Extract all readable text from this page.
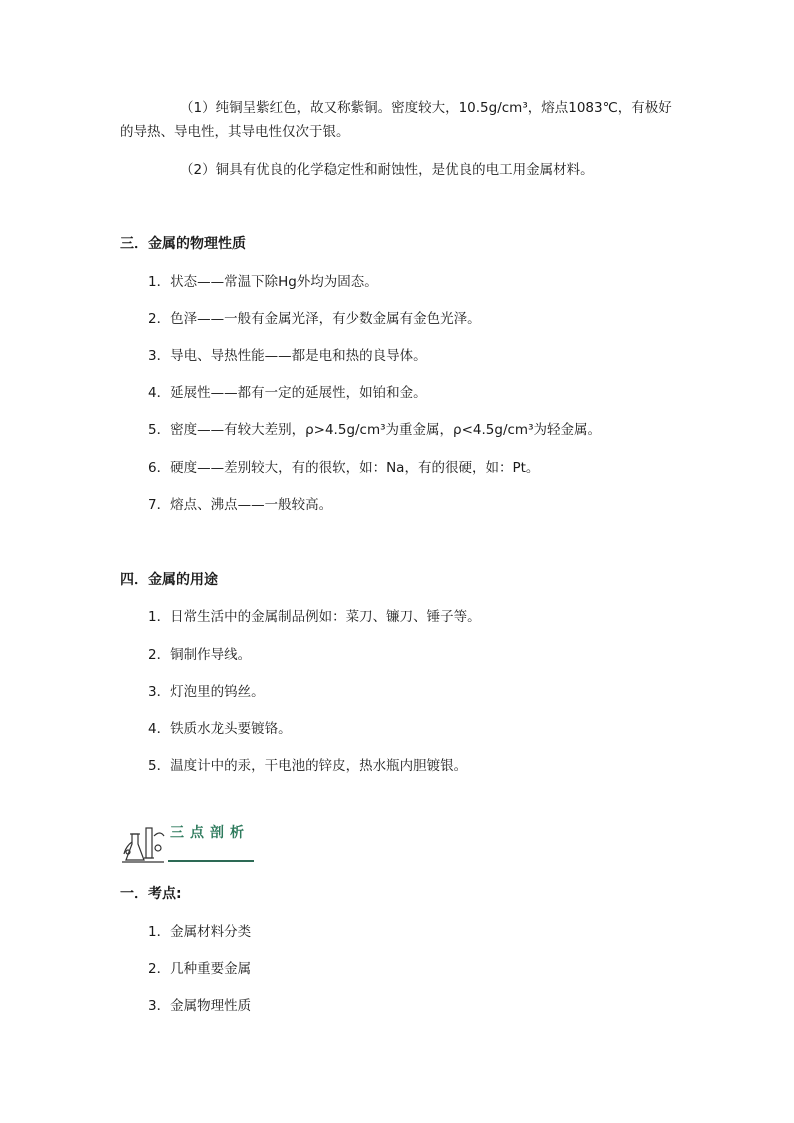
（1）纯铜呈紫红色，故又称紫铜。密度较大，10.5g/cm³，熔点1083℃，有极好
的导热、导电性，其导电性仅次于银。
（2）铜具有优良的化学稳定性和耐蚀性，是优良的电工用金属材料。
三．金属的物理性质
1．状态——常温下除Hg外均为固态。
2．色泽——一般有金属光泽，有少数金属有金色光泽。
3．导电、导热性能——都是电和热的良导体。
4．延展性——都有一定的延展性，如铂和金。
5．密度——有较大差别，ρ>4.5g/cm³为重金属，ρ<4.5g/cm³为轻金属。
6．硬度——差别较大，有的很软，如：Na，有的很硬，如：Pt。
7．熔点、沸点——一般较高。
四．金属的用途
1．日常生活中的金属制品例如：菜刀、镰刀、锤子等。
2．铜制作导线。
3．灯泡里的钨丝。
4．铁质水龙头要镀铬。
5．温度计中的汞，干电池的锌皮，热水瓶内胆镀银。
三点剖析
一．考点:
1．金属材料分类
2．几种重要金属
3．金属物理性质
